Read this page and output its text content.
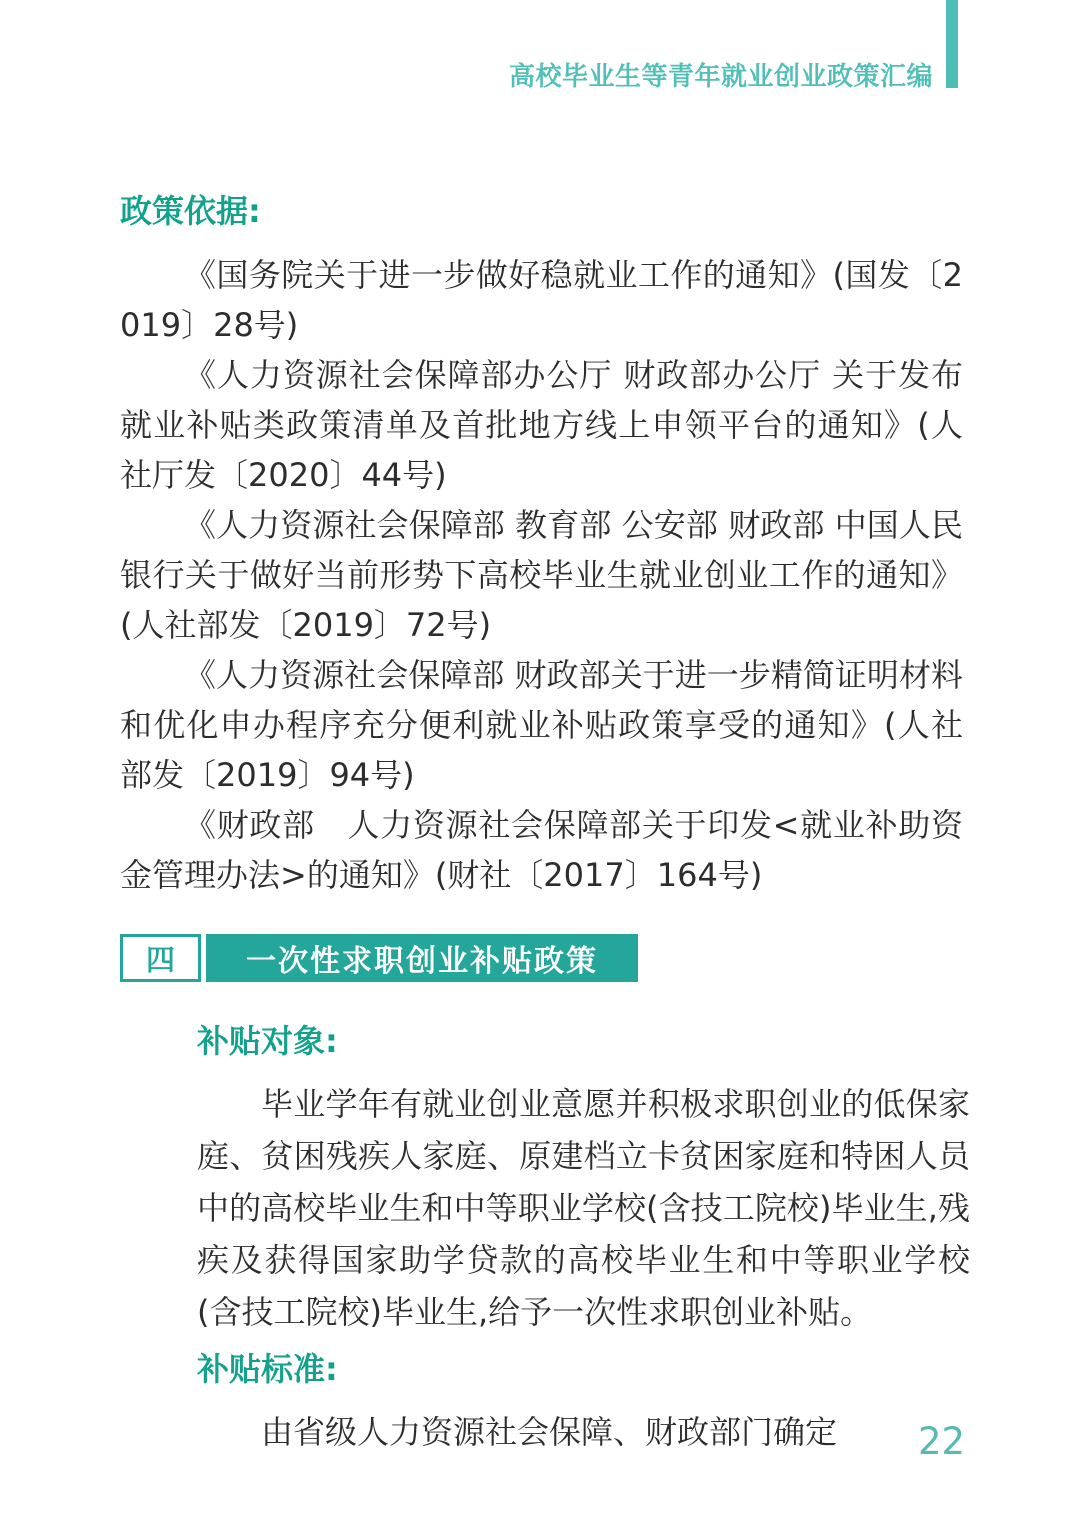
高校毕业生等青年就业创业政策汇编
政策依据:

《国务院关于进一步做好稳就业工作的通知》(国发〔2019〕28号)

《人力资源社会保障部办公厅 财政部办公厅 关于发布就业补贴类政策清单及首批地方线上申领平台的通知》(人社厅发〔2020〕44号)

《人力资源社会保障部 教育部 公安部 财政部 中国人民银行关于做好当前形势下高校毕业生就业创业工作的通知》(人社部发〔2019〕72号)

《人力资源社会保障部 财政部关于进一步精简证明材料和优化申办程序充分便利就业补贴政策享受的通知》(人社部发〔2019〕94号)

《财政部　人力资源社会保障部关于印发<就业补助资金管理办法>的通知》(财社〔2017〕164号)

四	一次性求职创业补贴政策
补贴对象:

毕业学年有就业创业意愿并积极求职创业的低保家庭、贫困残疾人家庭、原建档立卡贫困家庭和特困人员中的高校毕业生和中等职业学校(含技工院校)毕业生,残疾及获得国家助学贷款的高校毕业生和中等职业学校(含技工院校)毕业生,给予一次性求职创业补贴。

补贴标准:

由省级人力资源社会保障、财政部门确定	22
